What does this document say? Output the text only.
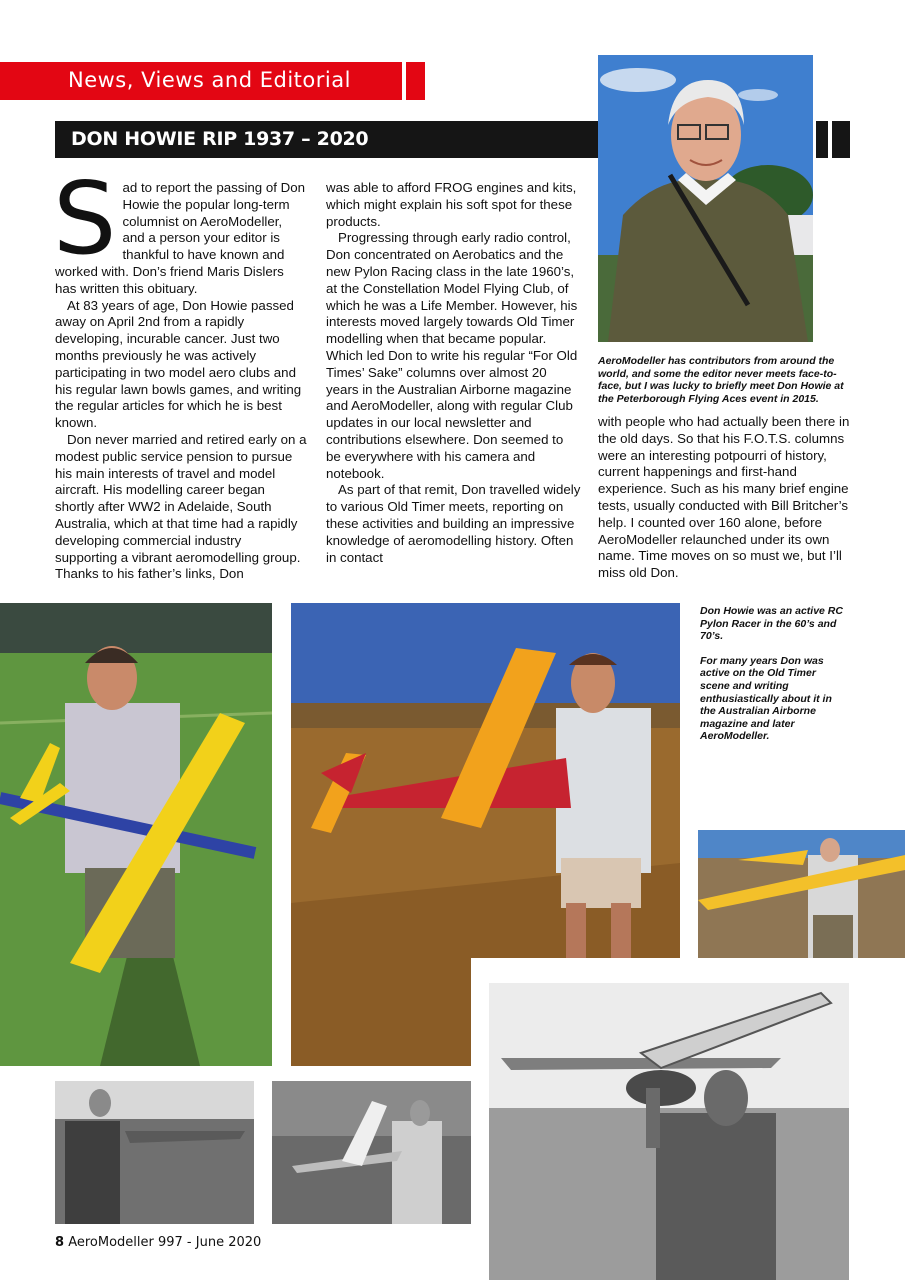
News, Views and Editorial
DON HOWIE RIP 1937 – 2020

AeroModeller has contributors from around the world, and some the editor never meets face-to-face, but I was lucky to briefly meet Don Howie at the Peterborough Flying Aces event in 2015.

Sad to report the passing of Don Howie the popular long-term columnist on AeroModeller, and a person your editor is thankful to have known and worked with. Don’s friend Maris Dislers has written this obituary.

At 83 years of age, Don Howie passed away on April 2nd from a rapidly developing, incurable cancer. Just two months previously he was actively participating in two model aero clubs and his regular lawn bowls games, and writing the regular articles for which he is best known.

Don never married and retired early on a modest public service pension to pursue his main interests of travel and model aircraft. His modelling career began shortly after WW2 in Adelaide, South Australia, which at that time had a rapidly developing commercial industry supporting a vibrant aeromodelling group. Thanks to his father’s links, Don

was able to afford FROG engines and kits, which might explain his soft spot for these products.

Progressing through early radio control, Don concentrated on Aerobatics and the new Pylon Racing class in the late 1960’s, at the Constellation Model Flying Club, of which he was a Life Member. However, his interests moved largely towards Old Timer modelling when that became popular. Which led Don to write his regular “For Old Times’ Sake” columns over almost 20 years in the Australian Airborne magazine and AeroModeller, along with regular Club updates in our local newsletter and contributions elsewhere. Don seemed to be everywhere with his camera and notebook.

As part of that remit, Don travelled widely to various Old Timer meets, reporting on these activities and building an impressive knowledge of aeromodelling history. Often in contact

with people who had actually been there in the old days. So that his F.O.T.S. columns were an interesting potpourri of history, current happenings and first-hand experience. Such as his many brief engine tests, usually conducted with Bill Britcher’s help. I counted over 160 alone, before AeroModeller relaunched under its own name. Time moves on so must we, but I’ll miss old Don.

Don Howie was an active RC Pylon Racer in the 60’s and 70’s.

For many years Don was active on the Old Timer scene and writing enthusiastically about it in the Australian Airborne magazine and later AeroModeller.

8 AeroModeller 997 - June 2020
